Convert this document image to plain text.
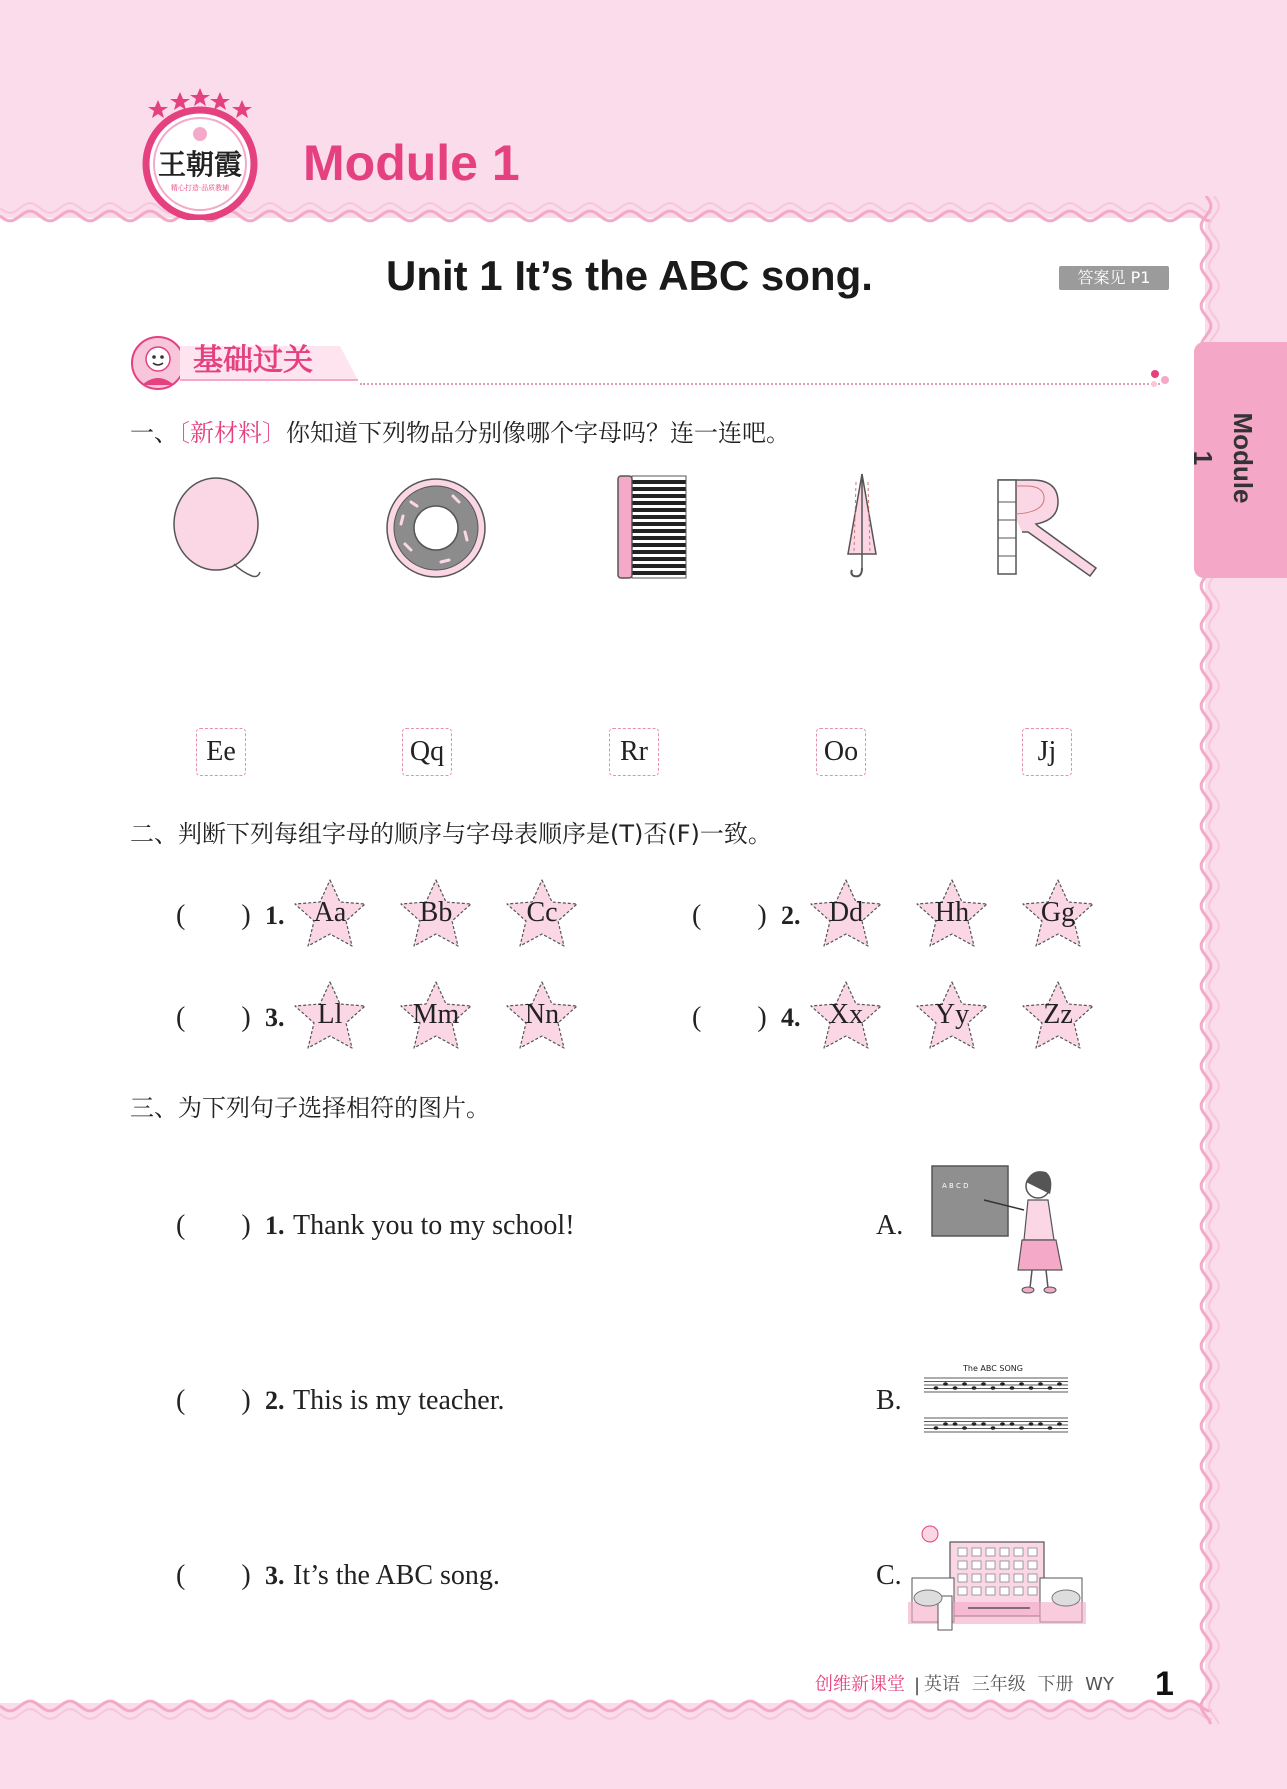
王朝霞
精心打造·品质教辅 Module 1
Unit 1 It’s the ABC song.	答案见 P1
Module 1
基础过关
一、〔新材料〕你知道下列物品分别像哪个字母吗？连一连吧。
Ee	Qq	Rr	Oo	Jj
二、判断下列每组字母的顺序与字母表顺序是(T)否(F)一致。
(        ) 1.	Aa	Bb	Cc	(        ) 2.	Dd	Hh	Gg
(        ) 3.	Ll	Mm	Nn	(        ) 4.	Xx	Yy	Zz
三、为下列句子选择相符的图片。
(        ) 1. Thank you to my school!
(        ) 2. This is my teacher.
(        ) 3. It’s the ABC song.
A.
A B C D
B.
The ABC SONG
C.
创维新课堂 | 英语 三年级 下册 WY 1
